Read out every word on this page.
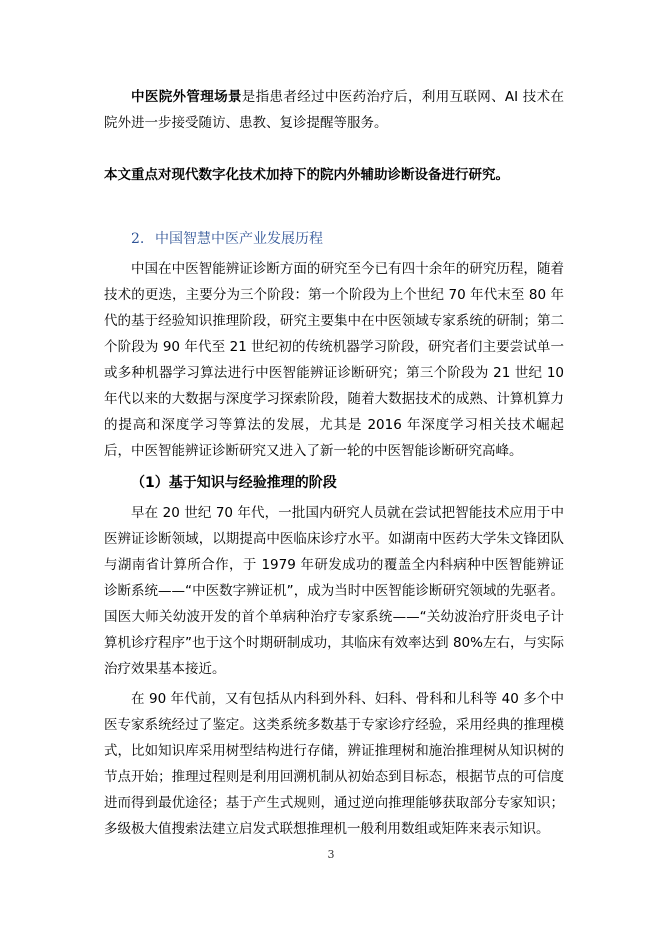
中医院外管理场景是指患者经过中医药治疗后，利用互联网、AI 技术在院外进一步接受随访、患教、复诊提醒等服务。

本文重点对现代数字化技术加持下的院内外辅助诊断设备进行研究。

2. 中国智慧中医产业发展历程

中国在中医智能辨证诊断方面的研究至今已有四十余年的研究历程，随着技术的更迭，主要分为三个阶段：第一个阶段为上个世纪 70 年代末至 80 年代的基于经验知识推理阶段，研究主要集中在中医领域专家系统的研制；第二个阶段为 90 年代至 21 世纪初的传统机器学习阶段，研究者们主要尝试单一或多种机器学习算法进行中医智能辨证诊断研究；第三个阶段为 21 世纪 10 年代以来的大数据与深度学习探索阶段，随着大数据技术的成熟、计算机算力的提高和深度学习等算法的发展，尤其是 2016 年深度学习相关技术崛起后，中医智能辨证诊断研究又进入了新一轮的中医智能诊断研究高峰。

（1）基于知识与经验推理的阶段

早在 20 世纪 70 年代，一批国内研究人员就在尝试把智能技术应用于中医辨证诊断领域，以期提高中医临床诊疗水平。如湖南中医药大学朱文锋团队与湖南省计算所合作，于 1979 年研发成功的覆盖全内科病种中医智能辨证诊断系统——“中医数字辨证机”，成为当时中医智能诊断研究领域的先驱者。国医大师关幼波开发的首个单病种治疗专家系统——“关幼波治疗肝炎电子计算机诊疗程序”也于这个时期研制成功，其临床有效率达到 80%左右，与实际治疗效果基本接近。

在 90 年代前，又有包括从内科到外科、妇科、骨科和儿科等 40 多个中医专家系统经过了鉴定。这类系统多数基于专家诊疗经验，采用经典的推理模式，比如知识库采用树型结构进行存储，辨证推理树和施治推理树从知识树的节点开始；推理过程则是利用回溯机制从初始态到目标态，根据节点的可信度进而得到最优途径；基于产生式规则，通过逆向推理能够获取部分专家知识；多级极大值搜索法建立启发式联想推理机一般利用数组或矩阵来表示知识。

3
